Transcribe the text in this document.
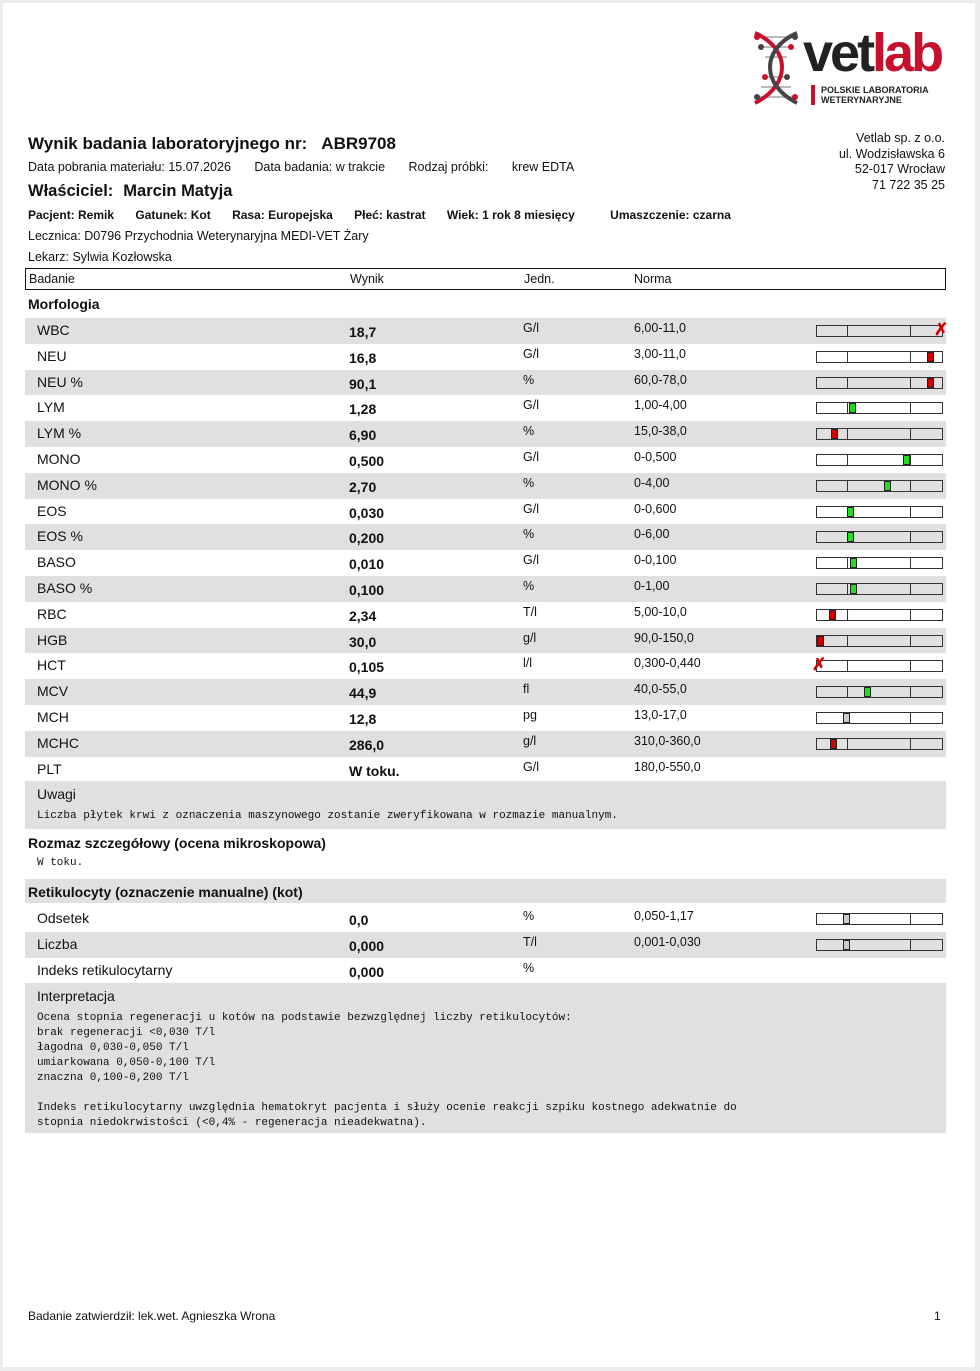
vetlab
POLSKIE LABORATORIA
WETERYNARYJNE
Vetlab sp. z o.o.
ul. Wodzisławska 6
52-017 Wrocław
71 722 35 25
Wynik badania laboratoryjnego nr: ABR9708
Data pobrania materiału: 15.07.2026 Data badania: w trakcie Rodzaj próbki: krew EDTA
Właściciel: Marcin Matyja
Pacjent: Remik Gatunek: Kot Rasa: Europejska Płeć: kastrat Wiek: 1 rok 8 miesięcy	Umaszczenie: czarna
Lecznica: D0796 Przychodnia Weterynaryjna MEDI-VET Żary
Lekarz: Sylwia Kozłowska
Badanie	Wynik	Jedn.	Norma
Morfologia
WBC	18,7	G/l	6,00-11,0	✗
NEU	16,8	G/l	3,00-11,0
NEU %	90,1	%	60,0-78,0
LYM	1,28	G/l	1,00-4,00
LYM %	6,90	%	15,0-38,0
MONO	0,500	G/l	0-0,500
MONO %	2,70	%	0-4,00
EOS	0,030	G/l	0-0,600
EOS %	0,200	%	0-6,00
BASO	0,010	G/l	0-0,100
BASO %	0,100	%	0-1,00
RBC	2,34	T/l	5,00-10,0
HGB	30,0	g/l	90,0-150,0
HCT	0,105	l/l	0,300-0,440	✗
MCV	44,9	fl	40,0-55,0
MCH	12,8	pg	13,0-17,0
MCHC	286,0	g/l	310,0-360,0
PLT	W toku.	G/l	180,0-550,0
Uwagi
Liczba płytek krwi z oznaczenia maszynowego zostanie zweryfikowana w rozmazie manualnym.
Rozmaz szczegółowy (ocena mikroskopowa)
W toku.
Retikulocyty (oznaczenie manualne) (kot)
Odsetek	0,0	%	0,050-1,17
Liczba	0,000	T/l	0,001-0,030
Indeks retikulocytarny	0,000	%
Interpretacja
Ocena stopnia regeneracji u kotów na podstawie bezwzględnej liczby retikulocytów:
brak regeneracji <0,030 T/l
łagodna 0,030-0,050 T/l
umiarkowana 0,050-0,100 T/l
znaczna 0,100-0,200 T/l

Indeks retikulocytarny uwzględnia hematokryt pacjenta i służy ocenie reakcji szpiku kostnego adekwatnie do
stopnia niedokrwistości (<0,4% - regeneracja nieadekwatna).
Badanie zatwierdził: lek.wet. Agnieszka Wrona	1
